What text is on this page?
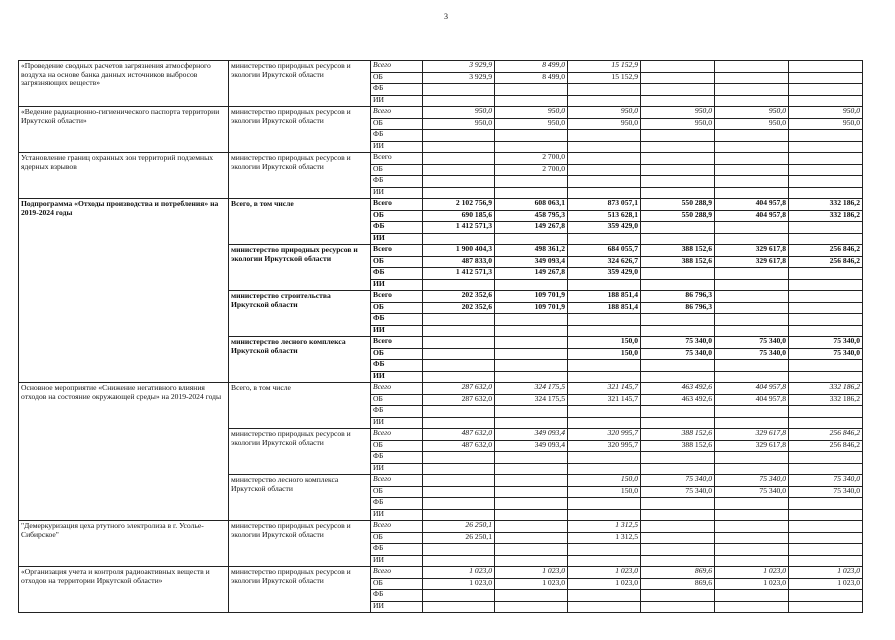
3
«Проведение сводных расчетов загрязнения атмосферного воздуха на основе банка данных источников выбросов загрязняющих веществ»	министерство природных ресурсов и экологии Иркутской области	Всего	3 929,9	8 499,0	15 152,9			
		ОБ	3 929,9	8 499,0	15 152,9			
		ФБ						
		ИИ						
«Ведение радиационно-гигиенического паспорта территории Иркутской области»	министерство природных ресурсов и экологии Иркутской области	Всего	950,0	950,0	950,0	950,0	950,0	950,0
		ОБ	950,0	950,0	950,0	950,0	950,0	950,0
		ФБ						
		ИИ						
Установление границ охранных зон территорий подземных ядерных взрывов	министерство природных ресурсов и экологии Иркутской области	Всего		2 700,0				
		ОБ		2 700,0				
		ФБ						
		ИИ						
Подпрограмма «Отходы производства и потребления» на 2019-2024 годы	Всего, в том числе	Всего	2 102 756,9	608 063,1	873 057,1	550 288,9	404 957,8	332 186,2
		ОБ	690 185,6	458 795,3	513 628,1	550 288,9	404 957,8	332 186,2
		ФБ	1 412 571,3	149 267,8	359 429,0			
		ИИ						
	министерство природных ресурсов и экологии Иркутской области	Всего	1 900 404,3	498 361,2	684 055,7	388 152,6	329 617,8	256 846,2
		ОБ	487 833,0	349 093,4	324 626,7	388 152,6	329 617,8	256 846,2
		ФБ	1 412 571,3	149 267,8	359 429,0			
		ИИ						
	министерство строительства Иркутской области	Всего	202 352,6	109 701,9	188 851,4	86 796,3		
		ОБ	202 352,6	109 701,9	188 851,4	86 796,3		
		ФБ						
		ИИ						
	министерство лесного комплекса Иркутской области	Всего			150,0	75 340,0	75 340,0	75 340,0
		ОБ			150,0	75 340,0	75 340,0	75 340,0
		ФБ						
		ИИ						
Основное мероприятие «Снижение негативного влияния отходов на состояние окружающей среды» на 2019-2024 годы	Всего, в том числе	Всего	287 632,0	324 175,5	321 145,7	463 492,6	404 957,8	332 186,2
		ОБ	287 632,0	324 175,5	321 145,7	463 492,6	404 957,8	332 186,2
		ФБ						
		ИИ						
	министерство природных ресурсов и экологии Иркутской области	Всего	487 632,0	349 093,4	320 995,7	388 152,6	329 617,8	256 846,2
		ОБ	487 632,0	349 093,4	320 995,7	388 152,6	329 617,8	256 846,2
		ФБ						
		ИИ						
	министерство лесного комплекса Иркутской области	Всего			150,0	75 340,0	75 340,0	75 340,0
		ОБ			150,0	75 340,0	75 340,0	75 340,0
		ФБ						
		ИИ						
"Демеркуризация цеха ртутного электролиза в г. Усолье-Сибирское"	министерство природных ресурсов и экологии Иркутской области	Всего	26 250,1		1 312,5			
		ОБ	26 250,1		1 312,5			
		ФБ						
		ИИ						
«Организация учета и контроля радиоактивных веществ и отходов на территории Иркутской области»	министерство природных ресурсов и экологии Иркутской области	Всего	1 023,0	1 023,0	1 023,0	869,6	1 023,0	1 023,0
		ОБ	1 023,0	1 023,0	1 023,0	869,6	1 023,0	1 023,0
		ФБ						
		ИИ						
